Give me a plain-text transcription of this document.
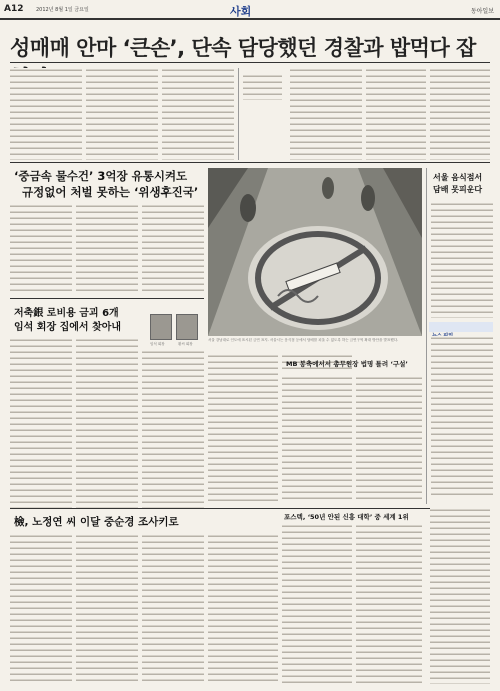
A12	2012년 8월 1일 금요일	사회	동아일보
성매매 안마 ‘큰손’, 단속 담당했던 경찰과 밥먹다 잡
‘중금속 물수건’ 3억장 유통시켜도
규정없어 처벌 못하는 ‘위생후진국’
저축銀 로비용 금괴 6개
임석 회장 집에서 찾아내
임석 회장	황씨 회장
서울 강남대로 인도에 표시된 금연 표지. 서울시는 음식점 등에서 담배를 피울 수 없도록 하는 금연구역 확대 방안을 발표했다.
MB 봉축에서서 총무원장 법명 틀려 ‘구설’
서울 음식점서
담배 못피운다
檢, 노정연 씨 이달 중순경 조사키로	포스텍, ‘50년 안된 신흥 대학’ 중 세계 1위
